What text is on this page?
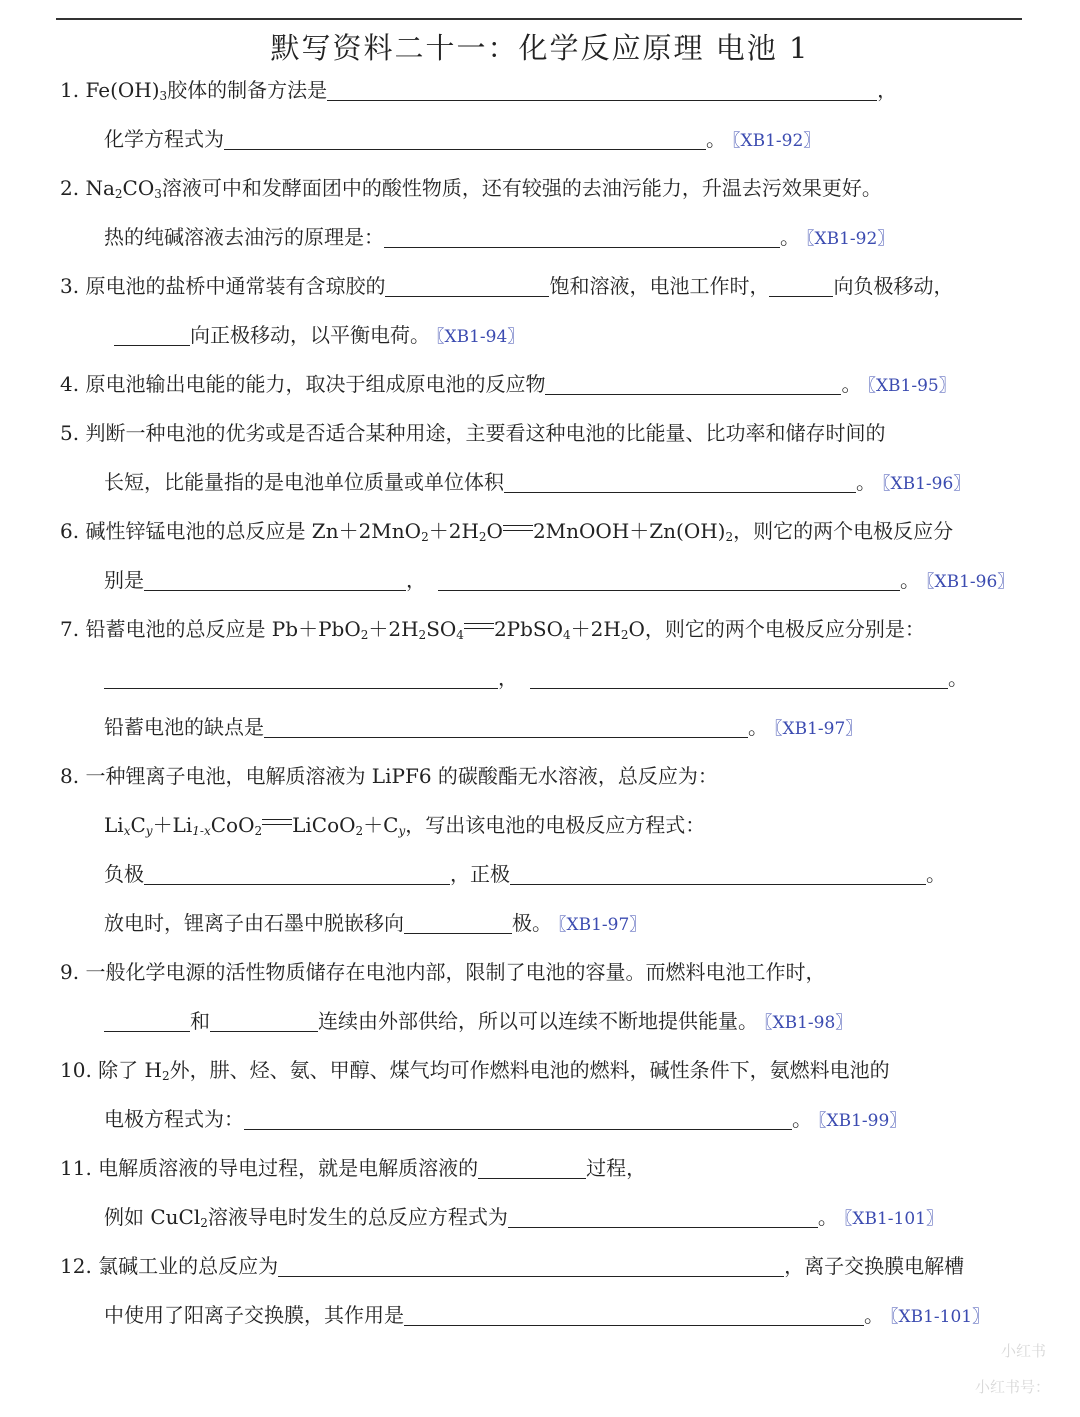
默写资料二十一：化学反应原理 电池 1
1. $Fe(OH)_3$胶体的制备方法是	，
化学方程式为	。 〖XB1-92〗
2. $Na_2CO_3$溶液可中和发酵面团中的酸性物质，还有较强的去油污能力，升温去污效果更好。
热的纯碱溶液去油污的原理是：	。 〖XB1-92〗
3. 原电池的盐桥中通常装有含琼胶的	饱和溶液，电池工作时，	向负极移动，
向正极移动，以平衡电荷。 〖XB1-94〗
4. 原电池输出电能的能力，取决于组成原电池的反应物	。 〖XB1-95〗
5. 判断一种电池的优劣或是否适合某种用途，主要看这种电池的比能量、比功率和储存时间的
长短，比能量指的是电池单位质量或单位体积	。 〖XB1-96〗
6. 碱性锌锰电池的总反应是 $Zn+2MnO_2+2H_2O$ $2MnOOH+Zn(OH)_2$，则它的两个电极反应分
别是	，	。 〖XB1-96〗
7. 铅蓄电池的总反应是 $Pb+PbO_2+2H_2SO_4$ $2PbSO_4+2H_2O$，则它的两个电极反应分别是：
，	。
铅蓄电池的缺点是	。 〖XB1-97〗
8. 一种锂离子电池，电解质溶液为 LiPF6 的碳酸酯无水溶液，总反应为：
$Li_xC_y+Li_{1-x}CoO_2$ $LiCoO_2+C_y$，写出该电池的电极反应方程式：
负极	，正极	。
放电时，锂离子由石墨中脱嵌移向	极。 〖XB1-97〗
9. 一般化学电源的活性物质储存在电池内部，限制了电池的容量。而燃料电池工作时，
和	连续由外部供给，所以可以连续不断地提供能量。 〖XB1-98〗
10. 除了 $H_2$外，肼、烃、氨、甲醇、煤气均可作燃料电池的燃料，碱性条件下，氨燃料电池的
电极方程式为：	。 〖XB1-99〗
11. 电解质溶液的导电过程，就是电解质溶液的	过程，
例如 CuCl$_2$溶液导电时发生的总反应方程式为	。 〖XB1-101〗
12. 氯碱工业的总反应为	，离子交换膜电解槽
中使用了阳离子交换膜，其作用是	。 〖XB1-101〗
小红书
小红书号：
